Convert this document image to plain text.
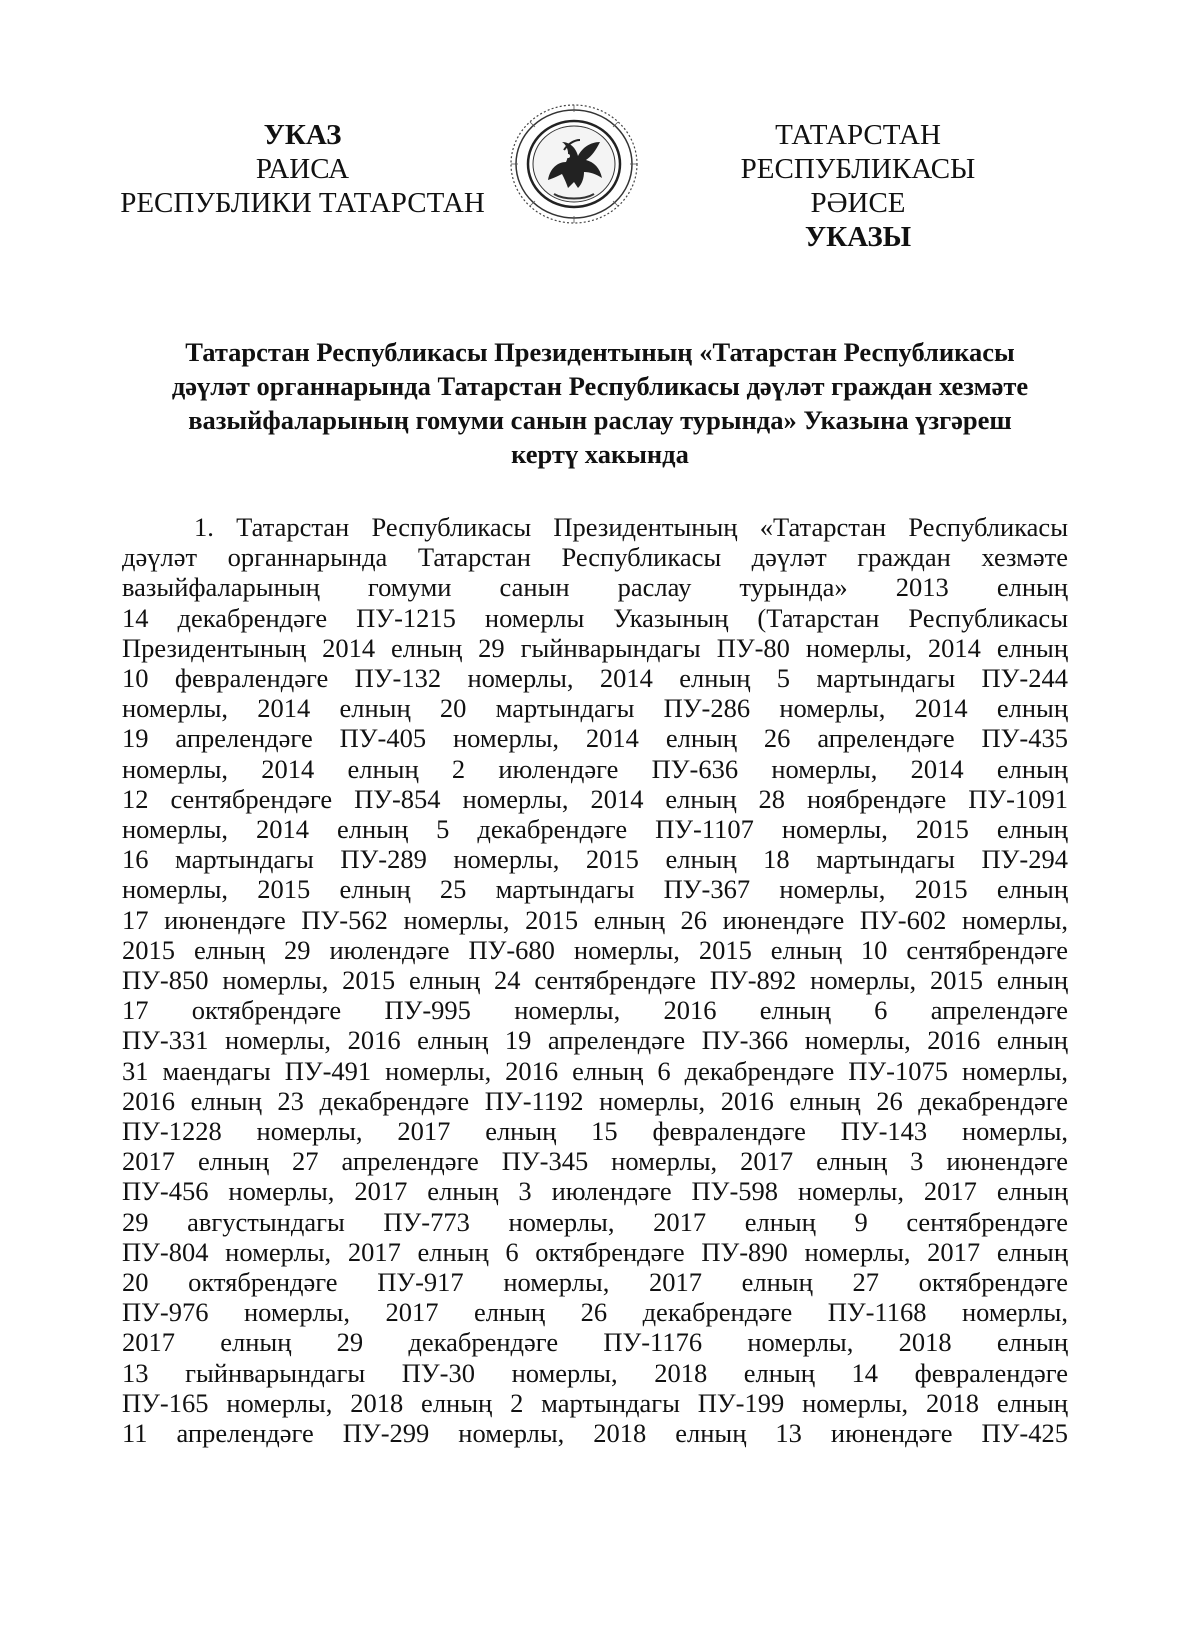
УКАЗ
РАИСА
РЕСПУБЛИКИ ТАТАРСТАН
ТАТАРСТАН РЕСПУБЛИКАСЫ
РӘИСЕ
УКАЗЫ
Татарстан Республикасы Президентының «Татарстан Республикасы
дәүләт органнарында Татарстан Республикасы дәүләт граждан хезмәте
вазыйфаларының гомуми санын раслау турында» Указына үзгәреш
кертү хакында
1. Татарстан Республикасы Президентының «Татарстан Республикасы
дәүләт органнарында Татарстан Республикасы дәүләт граждан хезмәте
вазыйфаларының гомуми санын раслау турында» 2013 елның
14 декабрендәге ПУ-1215 номерлы Указының (Татарстан Республикасы
Президентының 2014 елның 29 гыйнварындагы ПУ-80 номерлы, 2014 елның
10 февралендәге ПУ-132 номерлы, 2014 елның 5 мартындагы ПУ-244
номерлы, 2014 елның 20 мартындагы ПУ-286 номерлы, 2014 елның
19 апрелендәге ПУ-405 номерлы, 2014 елның 26 апрелендәге ПУ-435
номерлы, 2014 елның 2 июлендәге ПУ-636 номерлы, 2014 елның
12 сентябрендәге ПУ-854 номерлы, 2014 елның 28 ноябрендәге ПУ-1091
номерлы, 2014 елның 5 декабрендәге ПУ-1107 номерлы, 2015 елның
16 мартындагы ПУ-289 номерлы, 2015 елның 18 мартындагы ПУ-294
номерлы, 2015 елның 25 мартындагы ПУ-367 номерлы, 2015 елның
17 июнендәге ПУ-562 номерлы, 2015 елның 26 июнендәге ПУ-602 номерлы,
2015 елның 29 июлендәге ПУ-680 номерлы, 2015 елның 10 сентябрендәге
ПУ-850 номерлы, 2015 елның 24 сентябрендәге ПУ-892 номерлы, 2015 елның
17 октябрендәге ПУ-995 номерлы, 2016 елның 6 апрелендәге
ПУ-331 номерлы, 2016 елның 19 апрелендәге ПУ-366 номерлы, 2016 елның
31 маендагы ПУ-491 номерлы, 2016 елның 6 декабрендәге ПУ-1075 номерлы,
2016 елның 23 декабрендәге ПУ-1192 номерлы, 2016 елның 26 декабрендәге
ПУ-1228 номерлы, 2017 елның 15 февралендәге ПУ-143 номерлы,
2017 елның 27 апрелендәге ПУ-345 номерлы, 2017 елның 3 июнендәге
ПУ-456 номерлы, 2017 елның 3 июлендәге ПУ-598 номерлы, 2017 елның
29 августындагы ПУ-773 номерлы, 2017 елның 9 сентябрендәге
ПУ-804 номерлы, 2017 елның 6 октябрендәге ПУ-890 номерлы, 2017 елның
20 октябрендәге ПУ-917 номерлы, 2017 елның 27 октябрендәге
ПУ-976 номерлы, 2017 елның 26 декабрендәге ПУ-1168 номерлы,
2017 елның 29 декабрендәге ПУ-1176 номерлы, 2018 елның
13 гыйнварындагы ПУ-30 номерлы, 2018 елның 14 февралендәге
ПУ-165 номерлы, 2018 елның 2 мартындагы ПУ-199 номерлы, 2018 елның
11 апрелендәге ПУ-299 номерлы, 2018 елның 13 июнендәге ПУ-425
